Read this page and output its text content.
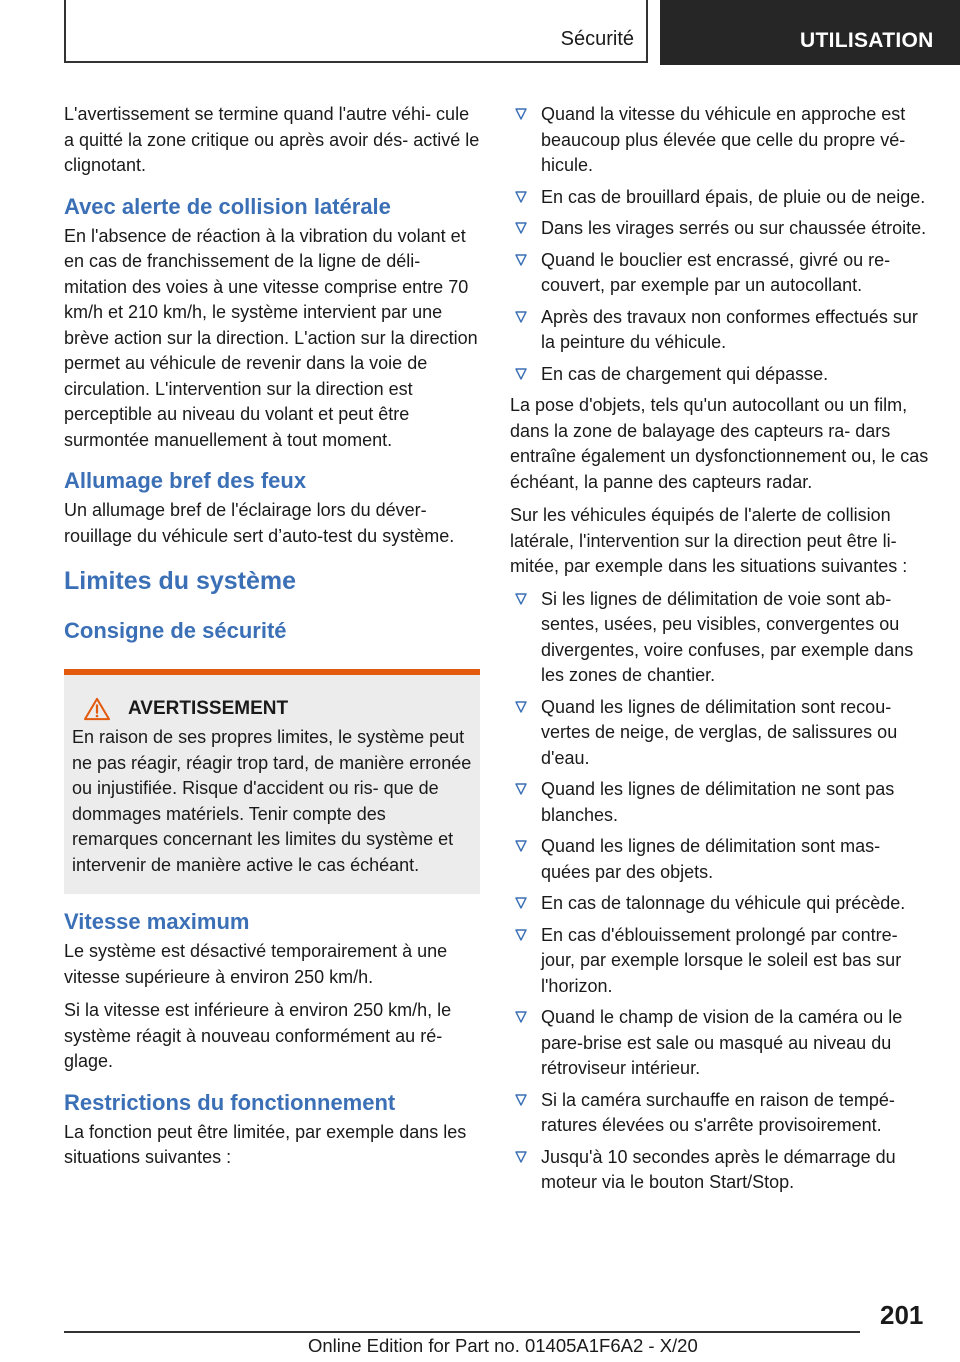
Sécurité	UTILISATION

L'avertissement se termine quand l'autre véhi‐ cule a quitté la zone critique ou après avoir dés‐ activé le clignotant.

Avec alerte de collision latérale

En l'absence de réaction à la vibration du volant et en cas de franchissement de la ligne de déli‐ mitation des voies à une vitesse comprise entre 70 km/h et 210 km/h, le système intervient par une brève action sur la direction. L'action sur la direction permet au véhicule de revenir dans la voie de circulation. L'intervention sur la direction est perceptible au niveau du volant et peut être surmontée manuellement à tout moment.

Allumage bref des feux

Un allumage bref de l'éclairage lors du déver‐ rouillage du véhicule sert d’auto-test du système.

Limites du système
Consigne de sécurité
AVERTISSEMENT

En raison de ses propres limites, le système peut ne pas réagir, réagir trop tard, de manière erronée ou injustifiée. Risque d'accident ou ris‐ que de dommages matériels. Tenir compte des remarques concernant les limites du système et intervenir de manière active le cas échéant.

Vitesse maximum

Le système est désactivé temporairement à une vitesse supérieure à environ 250 km/h.

Si la vitesse est inférieure à environ 250 km/h, le système réagit à nouveau conformément au ré‐ glage.

Restrictions du fonctionnement

La fonction peut être limitée, par exemple dans les situations suivantes :

Quand la vitesse du véhicule en approche est beaucoup plus élevée que celle du propre vé‐ hicule.
En cas de brouillard épais, de pluie ou de neige.
Dans les virages serrés ou sur chaussée étroite.
Quand le bouclier est encrassé, givré ou re‐ couvert, par exemple par un autocollant.
Après des travaux non conformes effectués sur la peinture du véhicule.
En cas de chargement qui dépasse.

La pose d'objets, tels qu'un autocollant ou un film, dans la zone de balayage des capteurs ra‐ dars entraîne également un dysfonctionnement ou, le cas échéant, la panne des capteurs radar.

Sur les véhicules équipés de l'alerte de collision latérale, l'intervention sur la direction peut être li‐ mitée, par exemple dans les situations suivantes :

Si les lignes de délimitation de voie sont ab‐ sentes, usées, peu visibles, convergentes ou divergentes, voire confuses, par exemple dans les zones de chantier.
Quand les lignes de délimitation sont recou‐ vertes de neige, de verglas, de salissures ou d'eau.
Quand les lignes de délimitation ne sont pas blanches.
Quand les lignes de délimitation sont mas‐ quées par des objets.
En cas de talonnage du véhicule qui précède.
En cas d'éblouissement prolongé par contre- jour, par exemple lorsque le soleil est bas sur l'horizon.
Quand le champ de vision de la caméra ou le pare-brise est sale ou masqué au niveau du rétroviseur intérieur.
Si la caméra surchauffe en raison de tempé‐ ratures élevées ou s'arrête provisoirement.
Jusqu'à 10 secondes après le démarrage du moteur via le bouton Start/Stop.
201
Online Edition for Part no. 01405A1F6A2 - X/20
